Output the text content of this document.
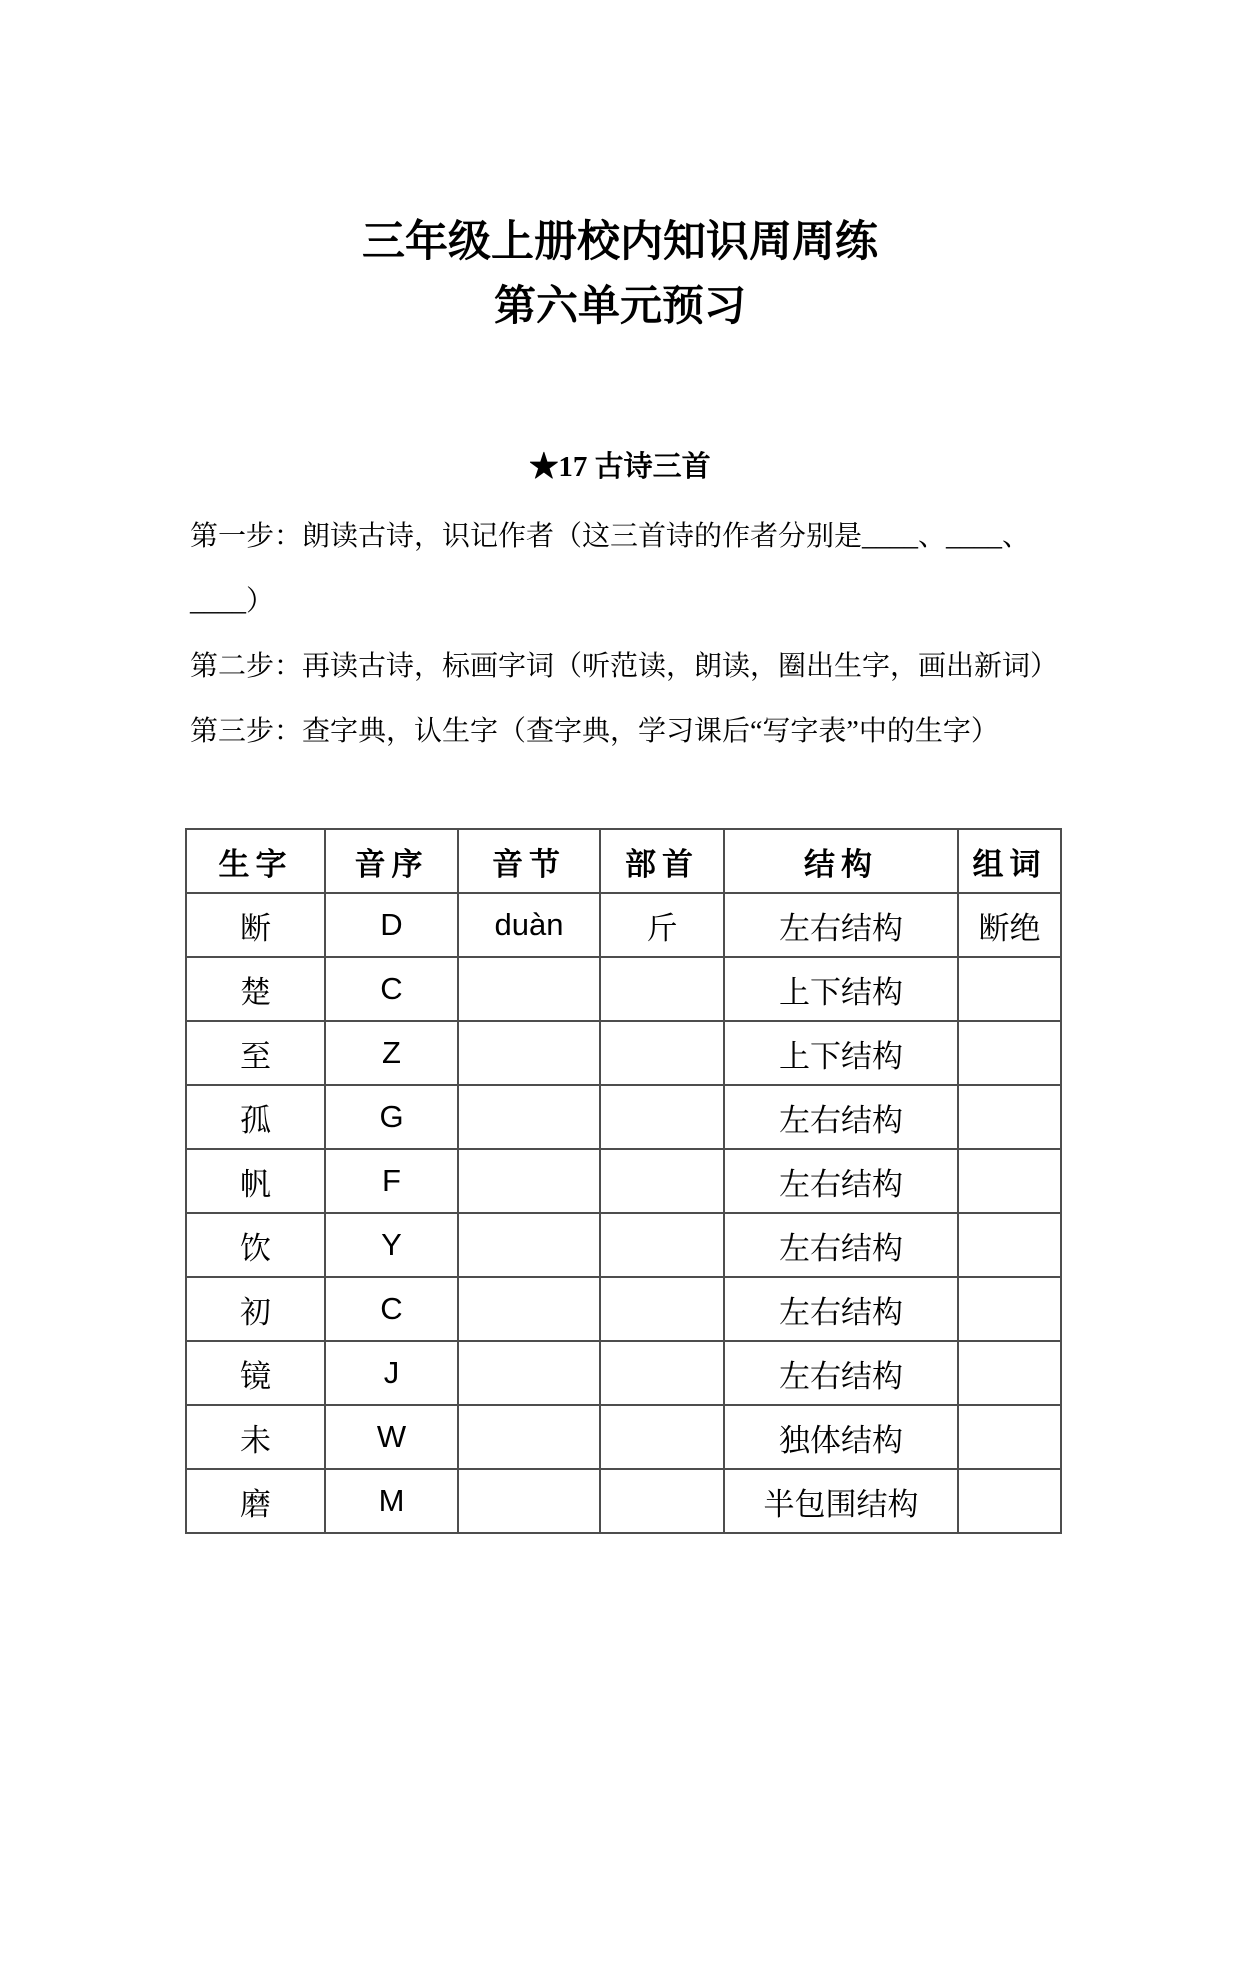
三年级上册校内知识周周练
第六单元预习
★17 古诗三首

第一步：朗读古诗，识记作者（这三首诗的作者分别是____、____、

____）

第二步：再读古诗，标画字词（听范读，朗读，圈出生字，画出新词）

第三步：查字典，认生字（查字典，学习课后“写字表”中的生字）

生字	音序	音节	部首	结构	组词
断	D	duàn	斤	左右结构	断绝
楚	C			上下结构	
至	Z			上下结构	
孤	G			左右结构	
帆	F			左右结构	
饮	Y			左右结构	
初	C			左右结构	
镜	J			左右结构	
未	W			独体结构	
磨	M			半包围结构	
